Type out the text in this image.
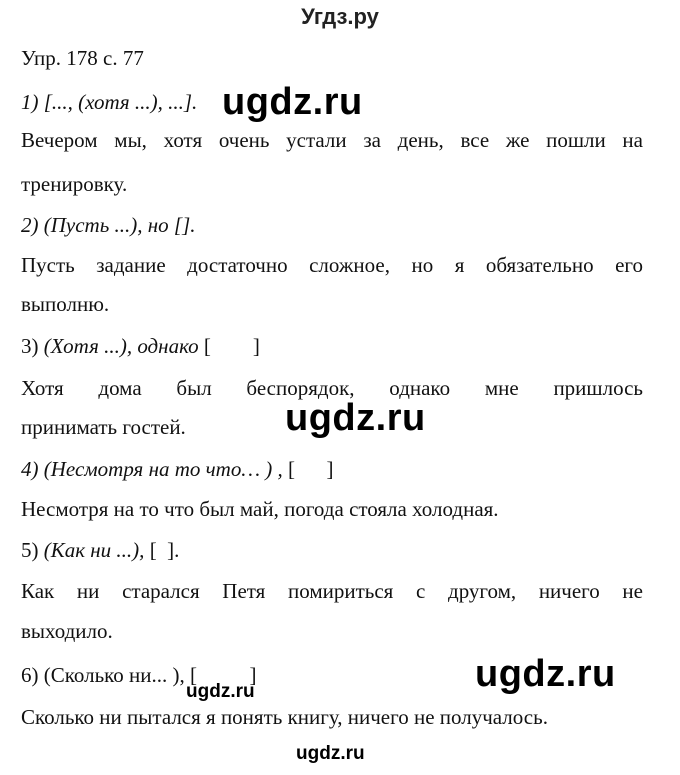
Угдз.ру
Упр. 178 с. 77
1) [..., (хотя ...), ...].
Вечером мы, хотя очень устали за день, все же пошли на
тренировку.
2) (Пусть ...), но [].
Пусть задание достаточно сложное, но я обязательно его
выполню.
3) (Хотя ...), однако [        ]
Хотя дома был беспорядок, однако мне пришлось
принимать гостей.
4) (Несмотря на то что… ) , [      ]
Несмотря на то что был май, погода стояла холодная.
5) (Как ни ...), [  ].
Как ни старался Петя помириться с другом, ничего не
выходило.
6) (Сколько ни... ), [          ]
Сколько ни пытался я понять книгу, ничего не получалось.
ugdz.ru
ugdz.ru
ugdz.ru
ugdz.ru
ugdz.ru
